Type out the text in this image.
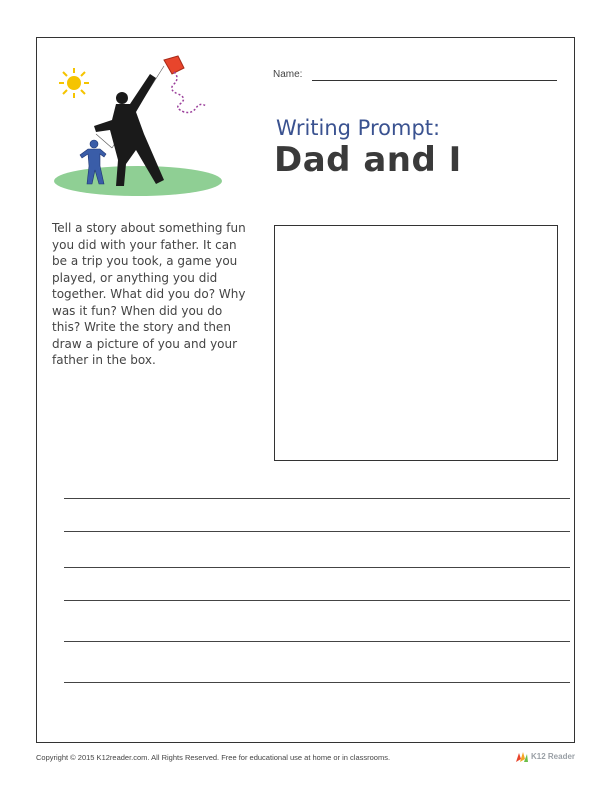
Name:
Writing Prompt:
Dad and I
Tell a story about something fun you did with your father. It can be a trip you took, a game you played, or anything you did together. What did you do? Why was it fun? When did you do this? Write the story and then draw a picture of you and your father in the box.
Copyright © 2015 K12reader.com. All Rights Reserved. Free for educational use at home or in classrooms.	K12 Reader
